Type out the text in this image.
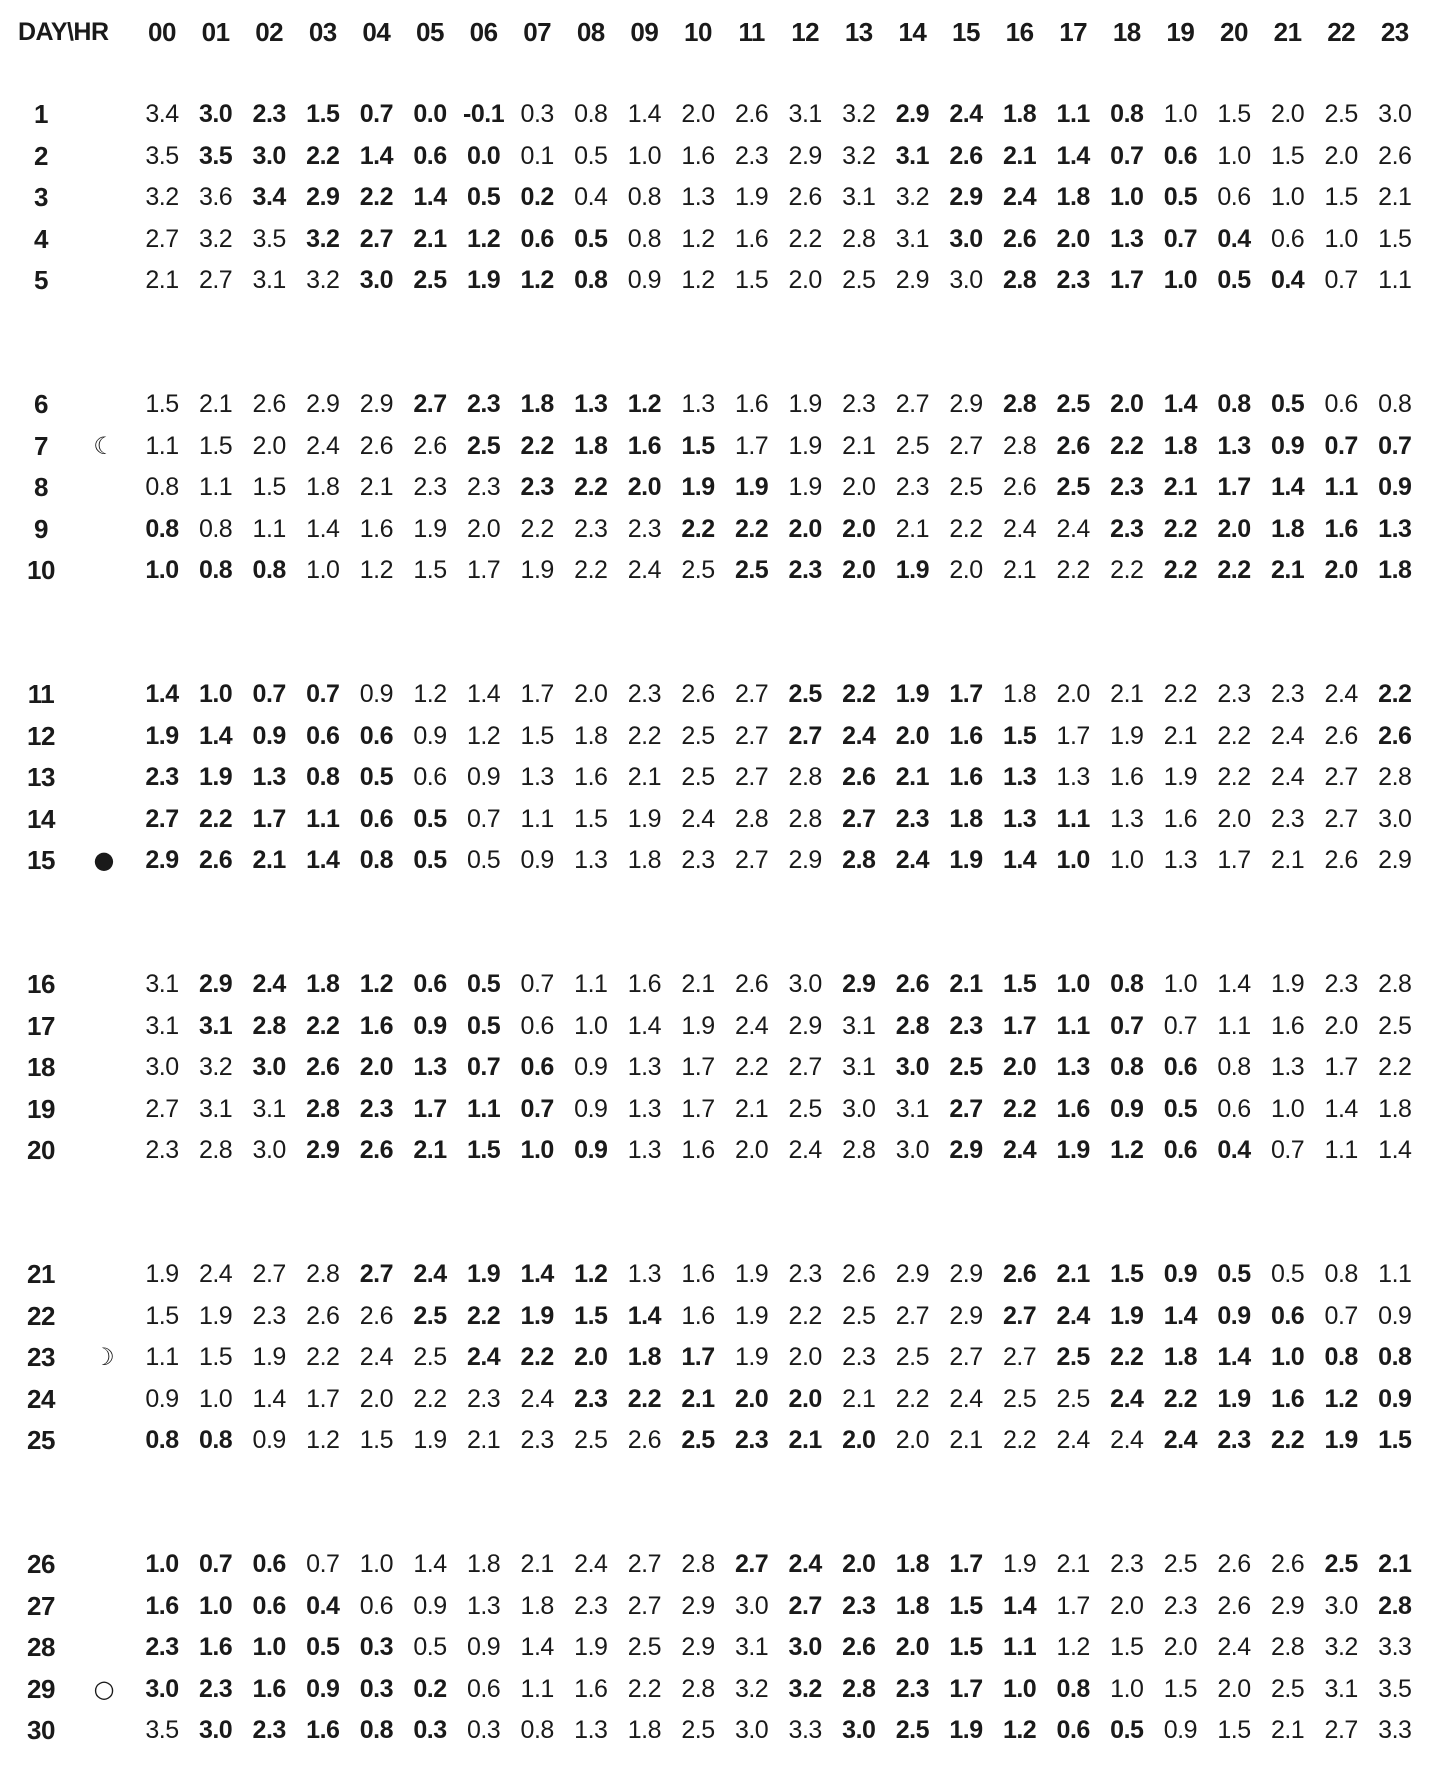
DAY\HR 00 01 02 03 04 05 06 07 08 09 10 11 12 13 14 15 16 17 18 19 20 21 22 23
1	3.4 3.0 2.3 1.5 0.7 0.0 -0.1 0.3 0.8 1.4 2.0 2.6 3.1 3.2 2.9 2.4 1.8 1.1 0.8 1.0 1.5 2.0 2.5 3.0
2	3.5 3.5 3.0 2.2 1.4 0.6 0.0 0.1 0.5 1.0 1.6 2.3 2.9 3.2 3.1 2.6 2.1 1.4 0.7 0.6 1.0 1.5 2.0 2.6
3	3.2 3.6 3.4 2.9 2.2 1.4 0.5 0.2 0.4 0.8 1.3 1.9 2.6 3.1 3.2 2.9 2.4 1.8 1.0 0.5 0.6 1.0 1.5 2.1
4	2.7 3.2 3.5 3.2 2.7 2.1 1.2 0.6 0.5 0.8 1.2 1.6 2.2 2.8 3.1 3.0 2.6 2.0 1.3 0.7 0.4 0.6 1.0 1.5
5	2.1 2.7 3.1 3.2 3.0 2.5 1.9 1.2 0.8 0.9 1.2 1.5 2.0 2.5 2.9 3.0 2.8 2.3 1.7 1.0 0.5 0.4 0.7 1.1
6	1.5 2.1 2.6 2.9 2.9 2.7 2.3 1.8 1.3 1.2 1.3 1.6 1.9 2.3 2.7 2.9 2.8 2.5 2.0 1.4 0.8 0.5 0.6 0.8
7 ☾ 1.1 1.5 2.0 2.4 2.6 2.6 2.5 2.2 1.8 1.6 1.5 1.7 1.9 2.1 2.5 2.7 2.8 2.6 2.2 1.8 1.3 0.9 0.7 0.7
8	0.8 1.1 1.5 1.8 2.1 2.3 2.3 2.3 2.2 2.0 1.9 1.9 1.9 2.0 2.3 2.5 2.6 2.5 2.3 2.1 1.7 1.4 1.1 0.9
9	0.8 0.8 1.1 1.4 1.6 1.9 2.0 2.2 2.3 2.3 2.2 2.2 2.0 2.0 2.1 2.2 2.4 2.4 2.3 2.2 2.0 1.8 1.6 1.3
10	1.0 0.8 0.8 1.0 1.2 1.5 1.7 1.9 2.2 2.4 2.5 2.5 2.3 2.0 1.9 2.0 2.1 2.2 2.2 2.2 2.2 2.1 2.0 1.8
11	1.4 1.0 0.7 0.7 0.9 1.2 1.4 1.7 2.0 2.3 2.6 2.7 2.5 2.2 1.9 1.7 1.8 2.0 2.1 2.2 2.3 2.3 2.4 2.2
12	1.9 1.4 0.9 0.6 0.6 0.9 1.2 1.5 1.8 2.2 2.5 2.7 2.7 2.4 2.0 1.6 1.5 1.7 1.9 2.1 2.2 2.4 2.6 2.6
13	2.3 1.9 1.3 0.8 0.5 0.6 0.9 1.3 1.6 2.1 2.5 2.7 2.8 2.6 2.1 1.6 1.3 1.3 1.6 1.9 2.2 2.4 2.7 2.8
14	2.7 2.2 1.7 1.1 0.6 0.5 0.7 1.1 1.5 1.9 2.4 2.8 2.8 2.7 2.3 1.8 1.3 1.1 1.3 1.6 2.0 2.3 2.7 3.0
15 ● 2.9 2.6 2.1 1.4 0.8 0.5 0.5 0.9 1.3 1.8 2.3 2.7 2.9 2.8 2.4 1.9 1.4 1.0 1.0 1.3 1.7 2.1 2.6 2.9
16	3.1 2.9 2.4 1.8 1.2 0.6 0.5 0.7 1.1 1.6 2.1 2.6 3.0 2.9 2.6 2.1 1.5 1.0 0.8 1.0 1.4 1.9 2.3 2.8
17	3.1 3.1 2.8 2.2 1.6 0.9 0.5 0.6 1.0 1.4 1.9 2.4 2.9 3.1 2.8 2.3 1.7 1.1 0.7 0.7 1.1 1.6 2.0 2.5
18	3.0 3.2 3.0 2.6 2.0 1.3 0.7 0.6 0.9 1.3 1.7 2.2 2.7 3.1 3.0 2.5 2.0 1.3 0.8 0.6 0.8 1.3 1.7 2.2
19	2.7 3.1 3.1 2.8 2.3 1.7 1.1 0.7 0.9 1.3 1.7 2.1 2.5 3.0 3.1 2.7 2.2 1.6 0.9 0.5 0.6 1.0 1.4 1.8
20	2.3 2.8 3.0 2.9 2.6 2.1 1.5 1.0 0.9 1.3 1.6 2.0 2.4 2.8 3.0 2.9 2.4 1.9 1.2 0.6 0.4 0.7 1.1 1.4
21	1.9 2.4 2.7 2.8 2.7 2.4 1.9 1.4 1.2 1.3 1.6 1.9 2.3 2.6 2.9 2.9 2.6 2.1 1.5 0.9 0.5 0.5 0.8 1.1
22	1.5 1.9 2.3 2.6 2.6 2.5 2.2 1.9 1.5 1.4 1.6 1.9 2.2 2.5 2.7 2.9 2.7 2.4 1.9 1.4 0.9 0.6 0.7 0.9
23 ☽ 1.1 1.5 1.9 2.2 2.4 2.5 2.4 2.2 2.0 1.8 1.7 1.9 2.0 2.3 2.5 2.7 2.7 2.5 2.2 1.8 1.4 1.0 0.8 0.8
24	0.9 1.0 1.4 1.7 2.0 2.2 2.3 2.4 2.3 2.2 2.1 2.0 2.0 2.1 2.2 2.4 2.5 2.5 2.4 2.2 1.9 1.6 1.2 0.9
25	0.8 0.8 0.9 1.2 1.5 1.9 2.1 2.3 2.5 2.6 2.5 2.3 2.1 2.0 2.0 2.1 2.2 2.4 2.4 2.4 2.3 2.2 1.9 1.5
26	1.0 0.7 0.6 0.7 1.0 1.4 1.8 2.1 2.4 2.7 2.8 2.7 2.4 2.0 1.8 1.7 1.9 2.1 2.3 2.5 2.6 2.6 2.5 2.1
27	1.6 1.0 0.6 0.4 0.6 0.9 1.3 1.8 2.3 2.7 2.9 3.0 2.7 2.3 1.8 1.5 1.4 1.7 2.0 2.3 2.6 2.9 3.0 2.8
28	2.3 1.6 1.0 0.5 0.3 0.5 0.9 1.4 1.9 2.5 2.9 3.1 3.0 2.6 2.0 1.5 1.1 1.2 1.5 2.0 2.4 2.8 3.2 3.3
29 ○ 3.0 2.3 1.6 0.9 0.3 0.2 0.6 1.1 1.6 2.2 2.8 3.2 3.2 2.8 2.3 1.7 1.0 0.8 1.0 1.5 2.0 2.5 3.1 3.5
30	3.5 3.0 2.3 1.6 0.8 0.3 0.3 0.8 1.3 1.8 2.5 3.0 3.3 3.0 2.5 1.9 1.2 0.6 0.5 0.9 1.5 2.1 2.7 3.3
